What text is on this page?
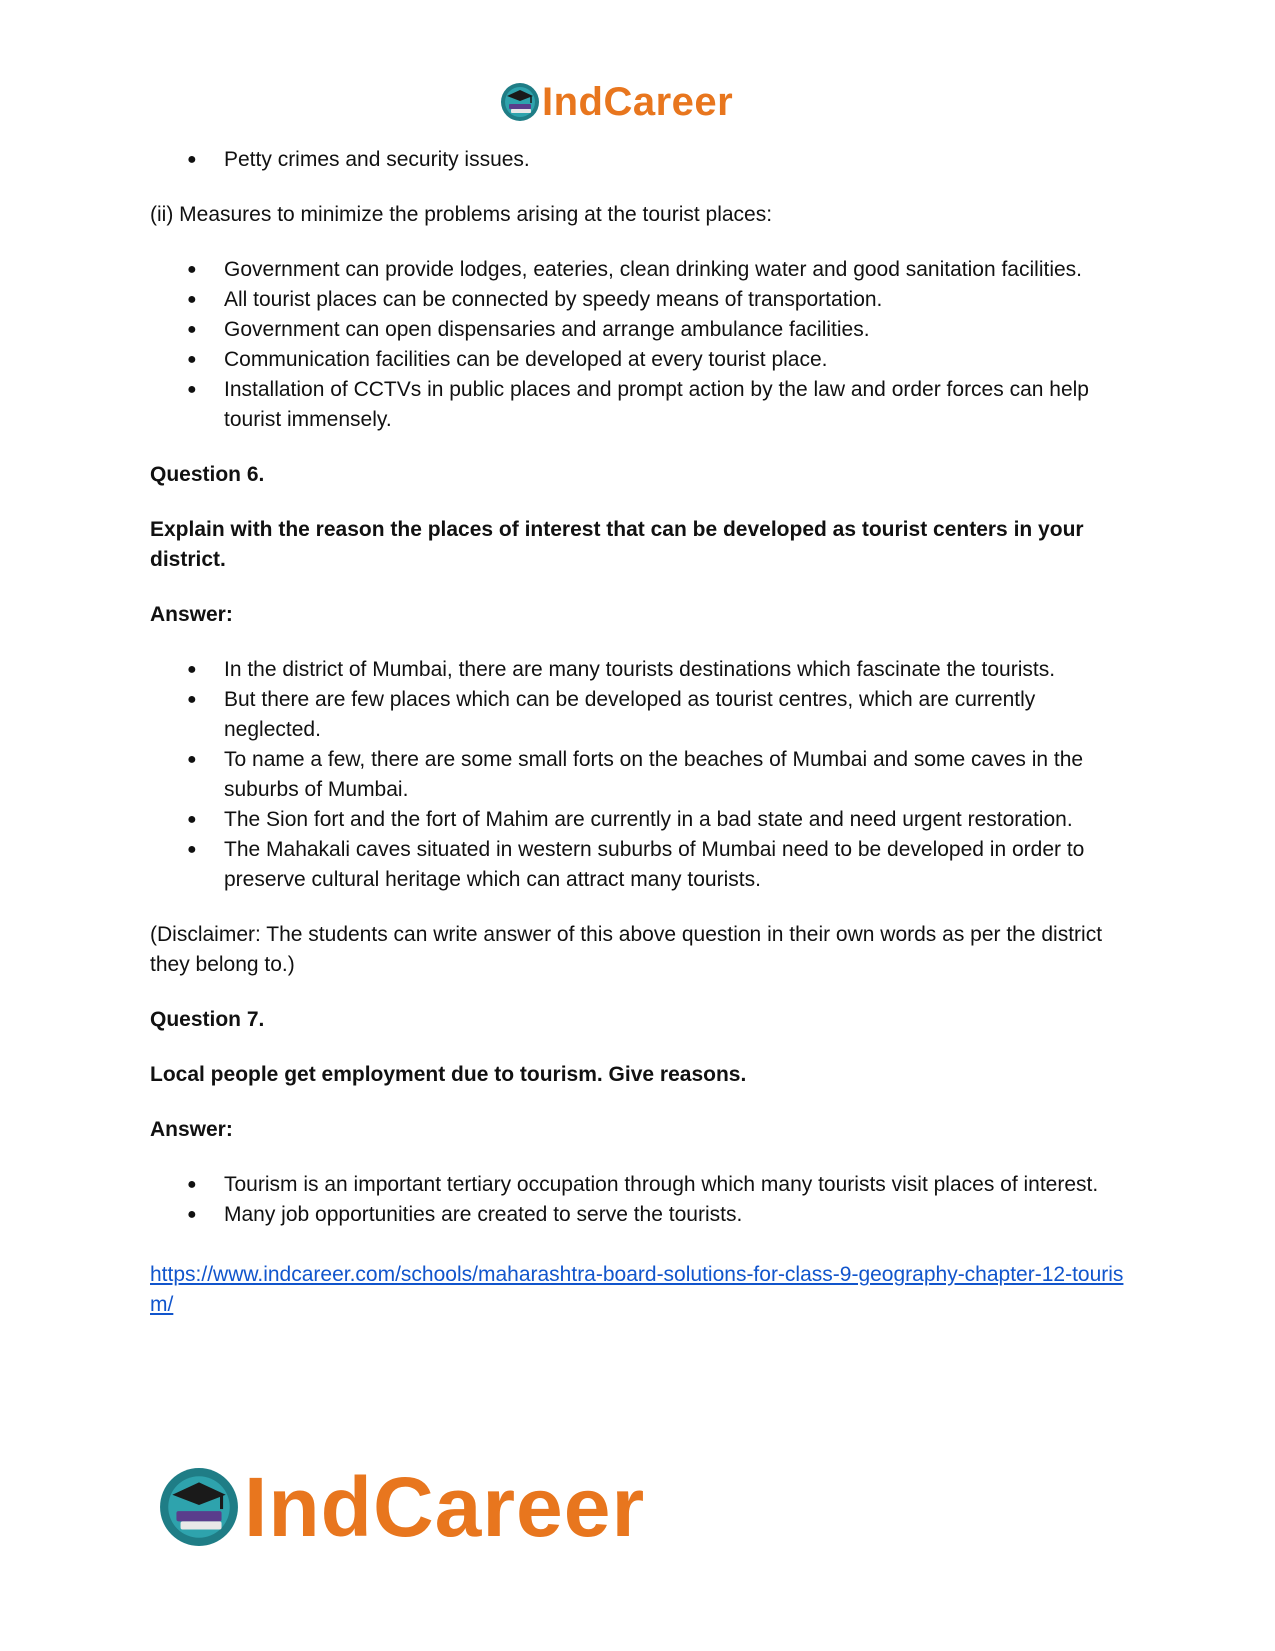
IndCareer
● Petty crimes and security issues.

(ii) Measures to minimize the problems arising at the tourist places:

● Government can provide lodges, eateries, clean drinking water and good sanitation facilities.
● All tourist places can be connected by speedy means of transportation.
● Government can open dispensaries and arrange ambulance facilities.
● Communication facilities can be developed at every tourist place.
● Installation of CCTVs in public places and prompt action by the law and order forces can help tourist immensely.

Question 6.

Explain with the reason the places of interest that can be developed as tourist centers in your district.

Answer:

● In the district of Mumbai, there are many tourists destinations which fascinate the tourists.
● But there are few places which can be developed as tourist centres, which are currently neglected.
● To name a few, there are some small forts on the beaches of Mumbai and some caves in the suburbs of Mumbai.
● The Sion fort and the fort of Mahim are currently in a bad state and need urgent restoration.
● The Mahakali caves situated in western suburbs of Mumbai need to be developed in order to preserve cultural heritage which can attract many tourists.

(Disclaimer: The students can write answer of this above question in their own words as per the district they belong to.)

Question 7.

Local people get employment due to tourism. Give reasons.

Answer:

● Tourism is an important tertiary occupation through which many tourists visit places of interest.
● Many job opportunities are created to serve the tourists.

https://www.indcareer.com/schools/maharashtra-board-solutions-for-class-9-geography-chapter-12-tourism/

IndCareer
